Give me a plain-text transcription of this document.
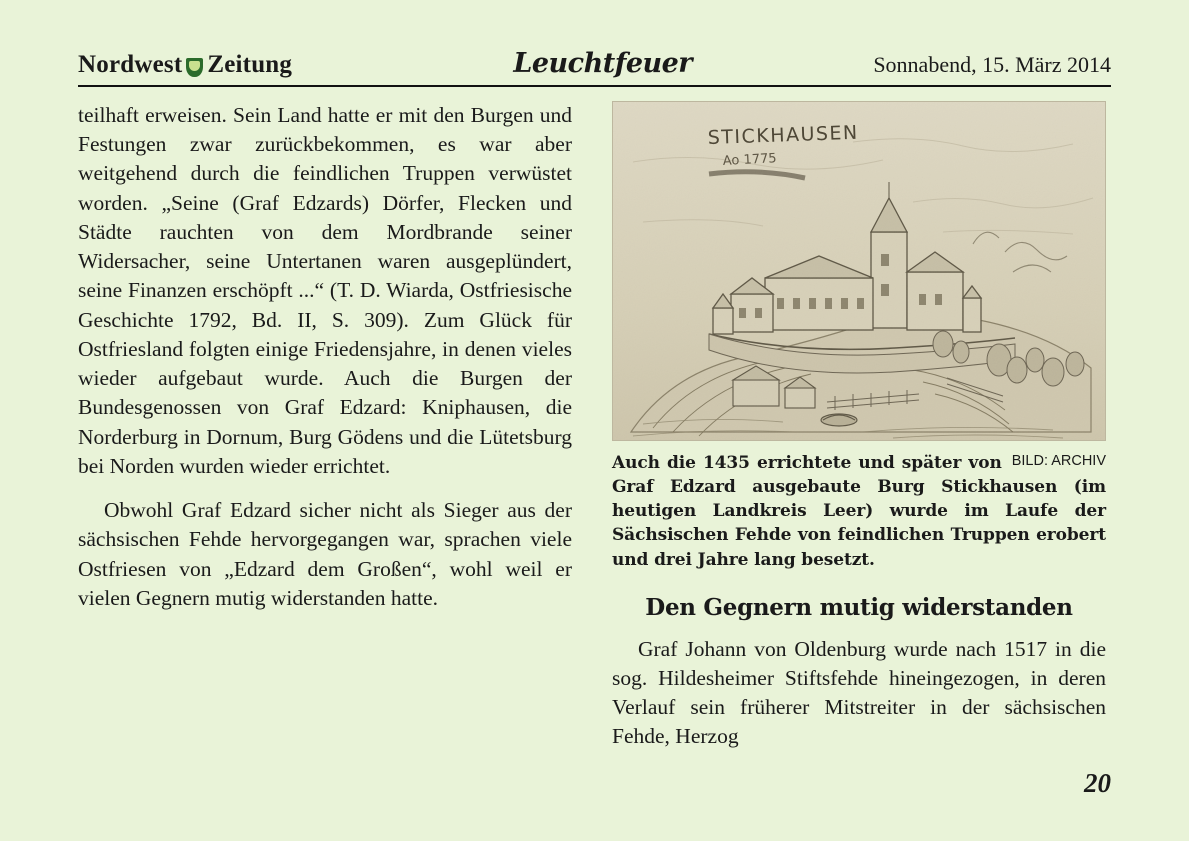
Nordwest Zeitung	Leuchtfeuer	Sonnabend, 15. März 2014

teilhaft erweisen. Sein Land hatte er mit den Burgen und Festungen zwar zurückbekommen, es war aber weitgehend durch die feindlichen Truppen verwüstet worden. „Seine (Graf Edzards) Dörfer, Flecken und Städte rauchten von dem Mordbrande seiner Widersacher, seine Untertanen waren ausgeplündert, seine Finanzen erschöpft ...“ (T. D. Wiarda, Ostfriesische Geschichte 1792, Bd. II, S. 309). Zum Glück für Ostfriesland folgten einige Friedensjahre, in denen vieles wieder aufgebaut wurde. Auch die Burgen der Bundesgenossen von Graf Edzard: Kniphausen, die Norderburg in Dornum, Burg Gödens und die Lütetsburg bei Norden wurden wieder errichtet.

Obwohl Graf Edzard sicher nicht als Sieger aus der sächsischen Fehde hervorgegangen war, sprachen viele Ostfriesen von „Edzard dem Großen“, wohl weil er vielen Gegnern mutig widerstanden hatte.

STICKHAUSEN
Ao 1775
BILD: ARCHIV
Auch die 1435 errichtete und später von Graf Edzard ausgebaute Burg Stickhausen (im heutigen Landkreis Leer) wurde im Laufe der Sächsischen Fehde von feindlichen Truppen erobert und drei Jahre lang besetzt.
Den Gegnern mutig widerstanden

Graf Johann von Oldenburg wurde nach 1517 in die sog. Hildesheimer Stiftsfehde hineingezogen, in deren Verlauf sein früherer Mitstreiter in der sächsischen Fehde, Herzog

20
